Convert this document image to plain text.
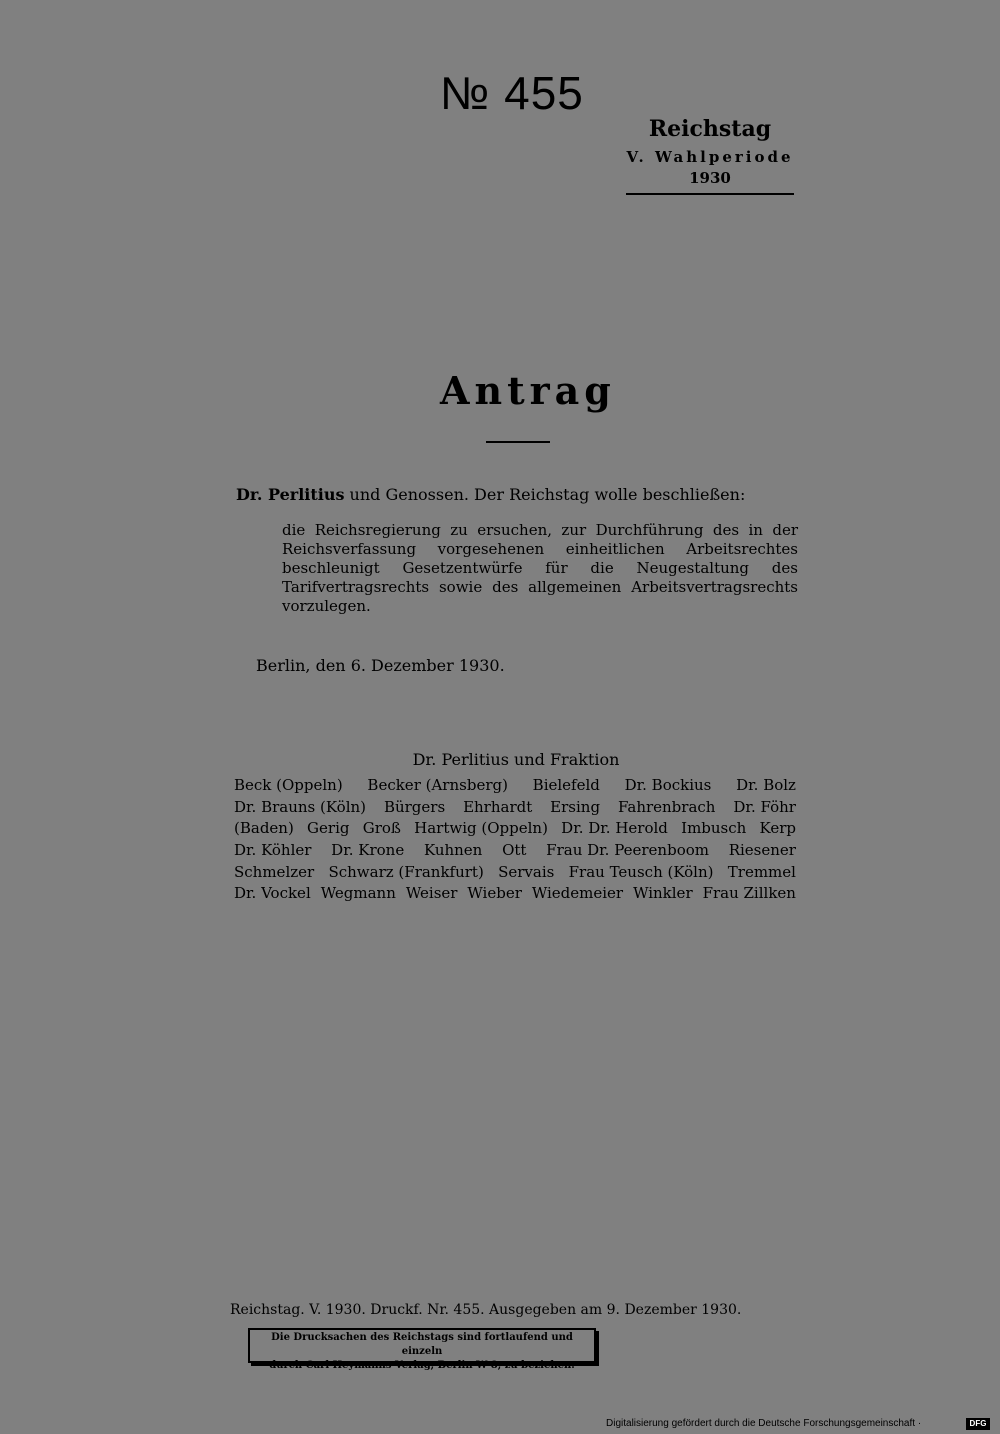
№ 455
Reichstag
V. Wahlperiode
1930
Antrag
Dr. Perlitius und Genossen. Der Reichstag wolle beschließen:
die Reichsregierung zu ersuchen, zur Durchführung des in der Reichsverfassung vorgesehenen einheitlichen Arbeitsrechtes beschleunigt Gesetzentwürfe für die Neugestaltung des Tarifvertragsrechts sowie des allgemeinen Arbeitsvertragsrechts vorzulegen.
Berlin, den 6. Dezember 1930.
Dr. Perlitius und Fraktion
Beck (Oppeln) Becker (Arnsberg) Bielefeld Dr. Bockius Dr. Bolz
Dr. Brauns (Köln) Bürgers Ehrhardt Ersing Fahrenbrach Dr. Föhr
(Baden) Gerig Groß Hartwig (Oppeln) Dr. Dr. Herold Imbusch Kerp
Dr. Köhler Dr. Krone Kuhnen Ott Frau Dr. Peerenboom Riesener
Schmelzer Schwarz (Frankfurt) Servais Frau Teusch (Köln) Tremmel
Dr. Vockel Wegmann Weiser Wieber Wiedemeier Winkler Frau Zillken
Reichstag. V. 1930. Druckf. Nr. 455. Ausgegeben am 9. Dezember 1930.
Die Drucksachen des Reichstags sind fortlaufend und einzeln
durch Carl Heymanns Verlag, Berlin W 8, zu beziehen.
Digitalisierung gefördert durch die Deutsche Forschungsgemeinschaft ·	DFG
